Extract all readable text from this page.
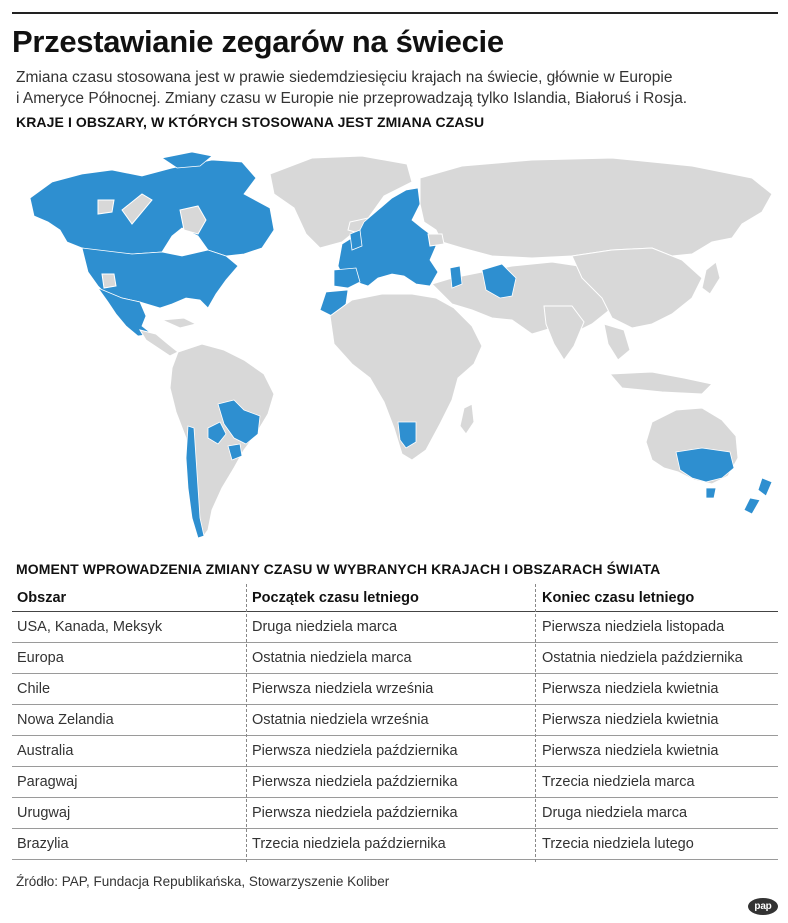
Przestawianie zegarów na świecie
Zmiana czasu stosowana jest w prawie siedemdziesięciu krajach na świecie, głównie w Europie
i Ameryce Północnej. Zmiany czasu w Europie nie przeprowadzają tylko Islandia, Białoruś i Rosja.
KRAJE I OBSZARY, W KTÓRYCH STOSOWANA JEST ZMIANA CZASU
MOMENT WPROWADZENIA ZMIANY CZASU W WYBRANYCH KRAJACH I OBSZARACH ŚWIATA
Obszar	Początek czasu letniego	Koniec czasu letniego
USA, Kanada, Meksyk	Druga niedziela marca	Pierwsza niedziela listopada
Europa	Ostatnia niedziela marca	Ostatnia niedziela października
Chile	Pierwsza niedziela września	Pierwsza niedziela kwietnia
Nowa Zelandia	Ostatnia niedziela września	Pierwsza niedziela kwietnia
Australia	Pierwsza niedziela października	Pierwsza niedziela kwietnia
Paragwaj	Pierwsza niedziela października	Trzecia niedziela marca
Urugwaj	Pierwsza niedziela października	Druga niedziela marca
Brazylia	Trzecia niedziela października	Trzecia niedziela lutego
Źródło: PAP, Fundacja Republikańska, Stowarzyszenie Koliber
pap
